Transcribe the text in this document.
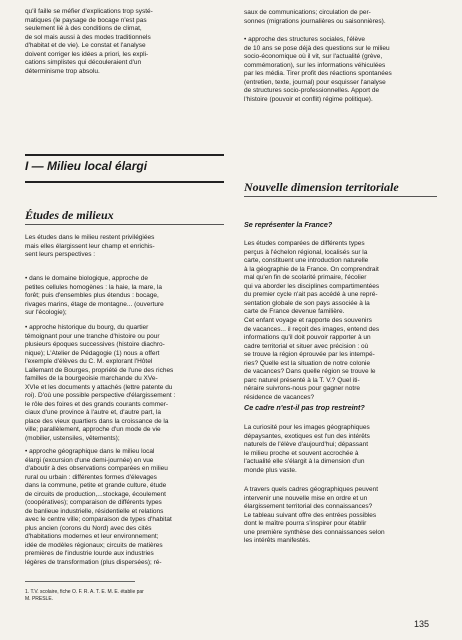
qu'il faille se méfier d'explications trop systé-
matiques (le paysage de bocage n'est pas
seulement lié à des conditions de climat,
de sol mais aussi à des modes traditionnels
d'habitat et de vie). Le constat et l'analyse
doivent corriger les idées a priori, les expli-
cations simplistes qui découleraient d'un
déterminisme trop absolu.

saux de communications; circulation de per-
sonnes (migrations journalières ou saisonnières).

• approche des structures sociales, l'élève
de 10 ans se pose déjà des questions sur le milieu
socio-économique où il vit, sur l'actualité (grève,
commémoration), sur les informations véhiculées
par les média. Tirer profit des réactions spontanées
(entretien, texte, journal) pour esquisser l'analyse
de structures socio-professionnelles. Apport de
l'histoire (pouvoir et conflit) régime politique).

I — Milieu local élargi
Études de milieux

Les études dans le milieu restent privilégiées
mais elles élargissent leur champ et enrichis-
sent leurs perspectives :

• dans le domaine biologique, approche de
petites cellules homogènes : la haie, la mare, la
forêt; puis d'ensembles plus étendus : bocage,
rivages marins, étage de montagne... (ouverture
sur l'écologie);

• approche historique du bourg, du quartier
témoignant pour une tranche d'histoire ou pour
plusieurs époques successives (histoire diachro-
nique); L'Atelier de Pédagogie (1) nous a offert
l'exemple d'élèves du C. M. explorant l'Hôtel
Lallemant de Bourges, propriété de l'une des riches
familles de la bourgeoisie marchande du XVe-
XVIe et les documents y attachés (lettre patente du
roi). D'où une possible perspective d'élargissement :
le rôle des foires et des grands courants commer-
ciaux d'une province à l'autre et, d'autre part, la
place des vieux quartiers dans la croissance de la
ville; parallèlement, approche d'un mode de vie
(mobilier, ustensiles, vêtements);

• approche géographique dans le milieu local
élargi (excursion d'une demi-journée) en vue
d'aboutir à des observations comparées en milieu
rural ou urbain : différentes formes d'élevages
dans la commune, petite et grande culture, étude
de circuits de production,...stockage, écoulement
(coopératives); comparaison de différents types
de banlieue industrielle, résidentielle et relations
avec le centre ville; comparaison de types d'habitat
plus ancien (corons du Nord) avec des cités
d'habitations modernes et leur environnement;
idée de modèles régionaux; circuits de matières
premières de l'industrie lourde aux industries
légères de transformation (plus dispersées); ré-

1. T.V. scolaire, fiche O. F. R. A. T. E. M. E. établie par
M. PRESLE.

Nouvelle dimension territoriale

Se représenter la France?

Les études comparées de différents types
perçus à l'échelon régional, localisés sur la
carte, constituent une introduction naturelle
à la géographie de la France. On comprendrait
mal qu'en fin de scolarité primaire, l'écolier
qui va aborder les disciplines compartimentées
du premier cycle n'ait pas accédé à une repré-
sentation globale de son pays associée à la
carte de France devenue familière.

Cet enfant voyage et rapporte des souvenirs
de vacances... il reçoit des images, entend des
informations qu'il doit pouvoir rapporter à un
cadre territorial et situer avec précision : où
se trouve la région éprouvée par les intempé-
ries? Quelle est la situation de notre colonie
de vacances? Dans quelle région se trouve le
parc naturel présenté à la T. V.? Quel iti-
néraire suivrons-nous pour gagner notre
résidence de vacances?

Ce cadre n'est-il pas trop restreint?

La curiosité pour les images géographiques
dépaysantes, exotiques est l'un des intérêts
naturels de l'élève d'aujourd'hui; dépassant
le milieu proche et souvent accrochée à
l'actualité elle s'élargit à la dimension d'un
monde plus vaste.

A travers quels cadres géographiques peuvent
intervenir une nouvelle mise en ordre et un
élargissement territorial des connaissances?
Le tableau suivant offre des entrées possibles
dont le maître pourra s'inspirer pour établir
une première synthèse des connaissances selon
les intérêts manifestés.

135
